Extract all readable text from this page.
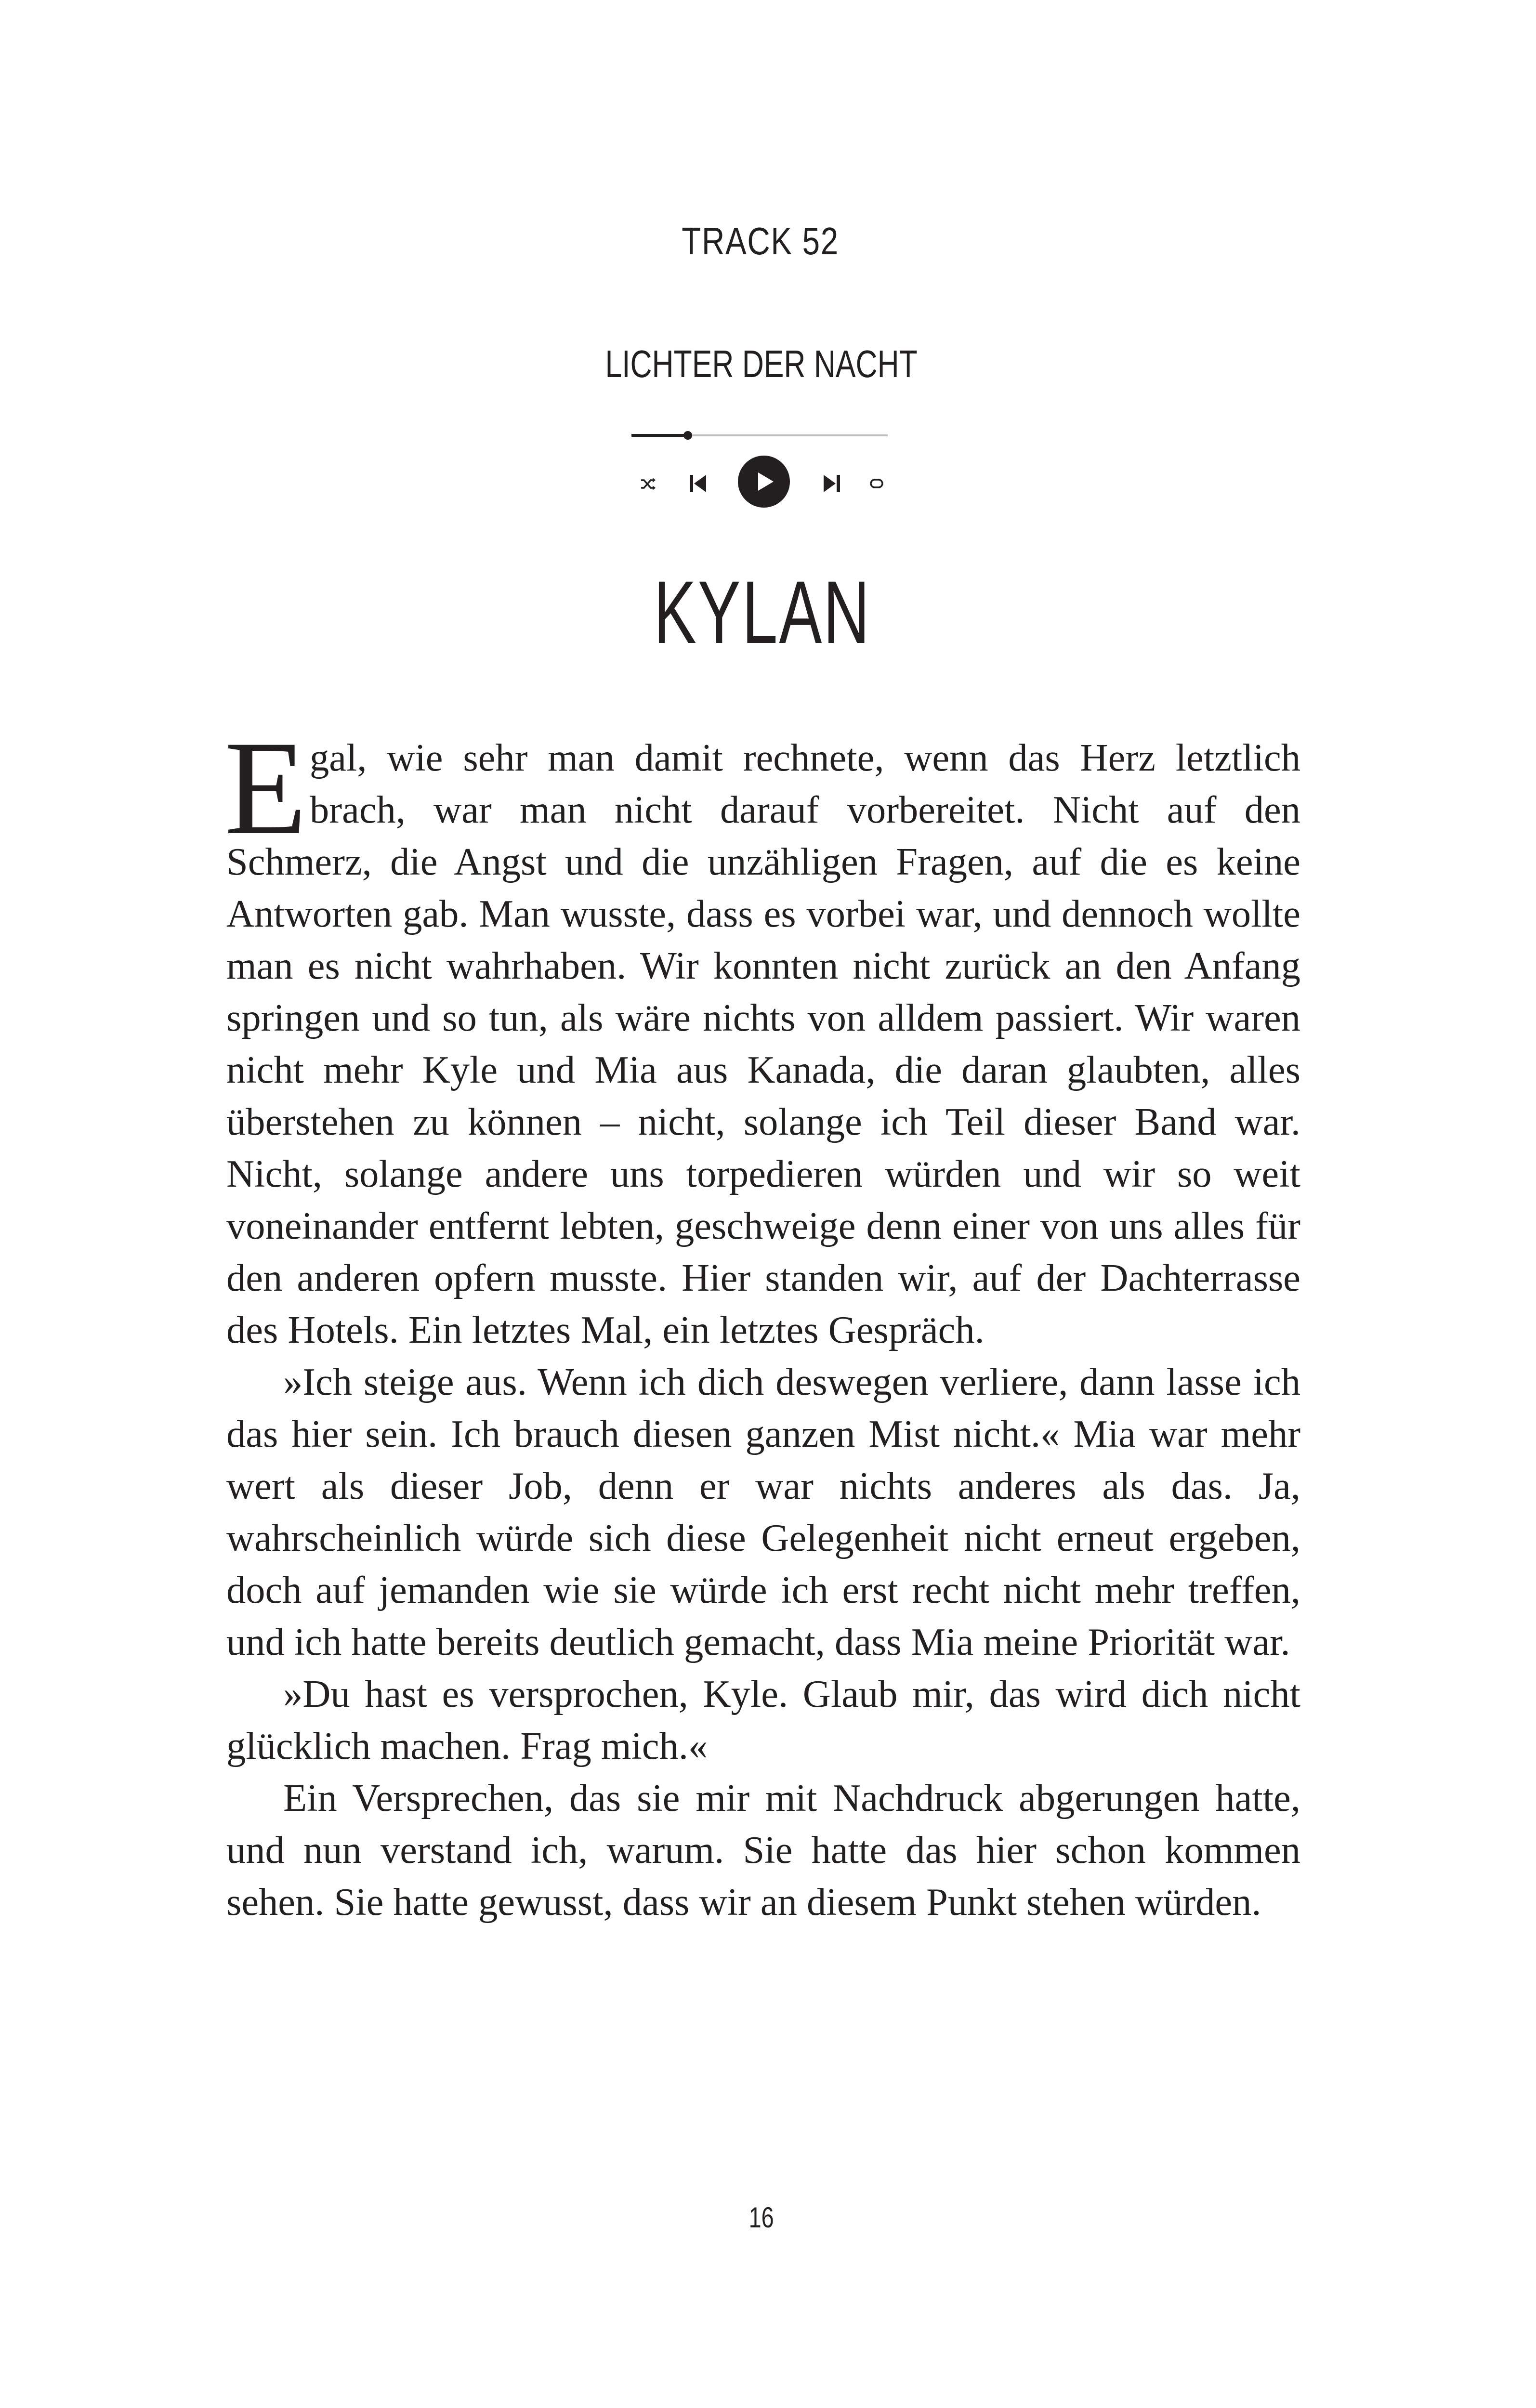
TRACK 52
LICHTER DER NACHT
KYLAN

Egal, wie sehr man damit rechnete, wenn das Herz letztlich brach, war man nicht darauf vorbereitet. Nicht auf den Schmerz, die Angst und die unzähligen Fragen, auf die es keine Antworten gab. Man wusste, dass es vorbei war, und dennoch wollte man es nicht wahrhaben. Wir konnten nicht zurück an den Anfang springen und so tun, als wäre nichts von alldem passiert. Wir waren nicht mehr Kyle und Mia aus Kanada, die daran glaubten, alles überstehen zu können – nicht, solange ich Teil dieser Band war. Nicht, solange andere uns torpedieren würden und wir so weit voneinander entfernt lebten, geschweige denn einer von uns alles für den anderen opfern musste. Hier standen wir, auf der Dachterrasse des Hotels. Ein letztes Mal, ein letztes Gespräch.

»Ich steige aus. Wenn ich dich deswegen verliere, dann lasse ich das hier sein. Ich brauch diesen ganzen Mist nicht.« Mia war mehr wert als dieser Job, denn er war nichts anderes als das. Ja, wahrscheinlich würde sich diese Gelegenheit nicht erneut ergeben, doch auf jemanden wie sie würde ich erst recht nicht mehr treffen, und ich hatte bereits deutlich gemacht, dass Mia meine Priorität war.

»Du hast es versprochen, Kyle. Glaub mir, das wird dich nicht glücklich machen. Frag mich.«

Ein Versprechen, das sie mir mit Nachdruck abgerungen hatte, und nun verstand ich, warum. Sie hatte das hier schon kommen sehen. Sie hatte gewusst, dass wir an diesem Punkt stehen würden.

16
